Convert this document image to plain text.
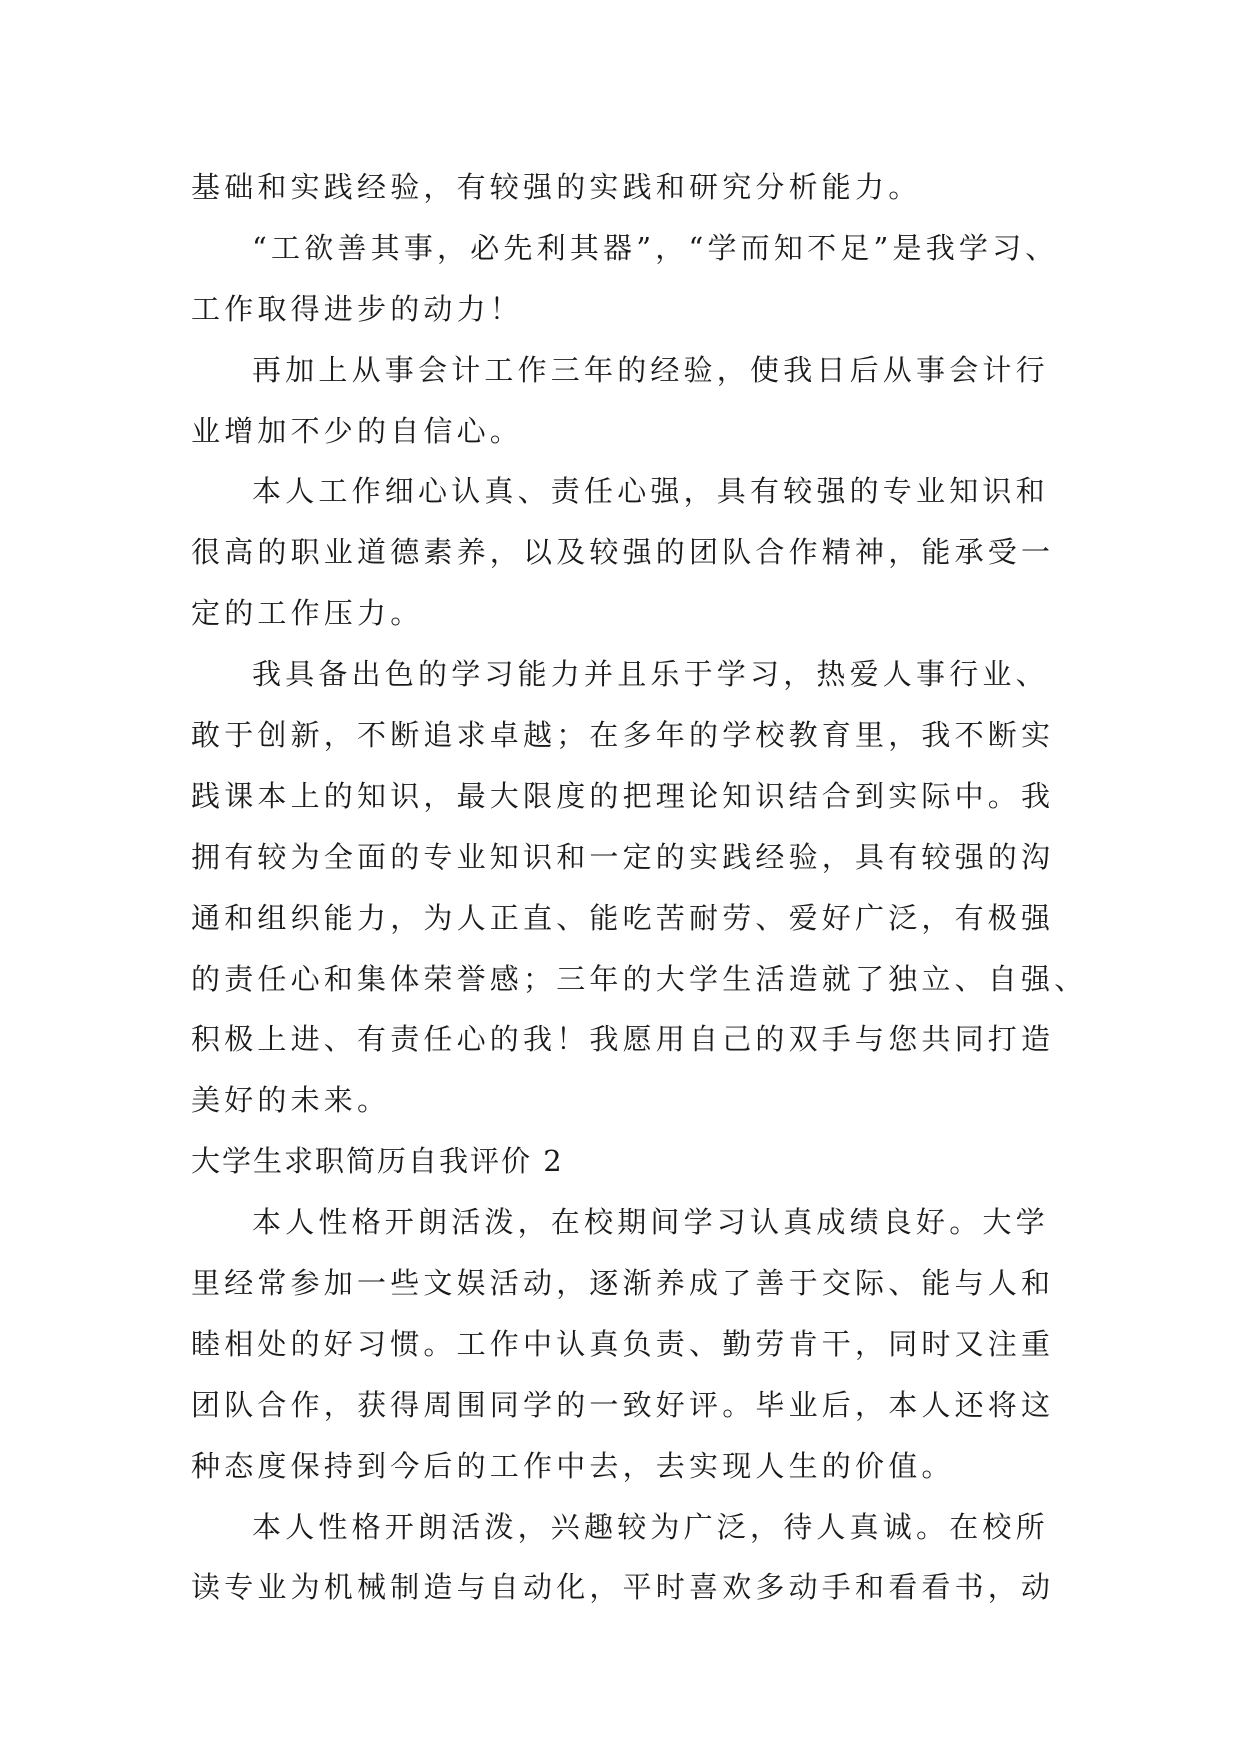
基础和实践经验，有较强的实践和研究分析能力。
“工欲善其事，必先利其器”，“学而知不足”是我学习、
工作取得进步的动力！
再加上从事会计工作三年的经验，使我日后从事会计行
业增加不少的自信心。
本人工作细心认真、责任心强，具有较强的专业知识和
很高的职业道德素养，以及较强的团队合作精神，能承受一
定的工作压力。
我具备出色的学习能力并且乐于学习，热爱人事行业、
敢于创新，不断追求卓越；在多年的学校教育里，我不断实
践课本上的知识，最大限度的把理论知识结合到实际中。我
拥有较为全面的专业知识和一定的实践经验，具有较强的沟
通和组织能力，为人正直、能吃苦耐劳、爱好广泛，有极强
的责任心和集体荣誉感；三年的大学生活造就了独立、自强、
积极上进、有责任心的我！我愿用自己的双手与您共同打造
美好的未来。
大学生求职简历自我评价 2
本人性格开朗活泼，在校期间学习认真成绩良好。大学
里经常参加一些文娱活动，逐渐养成了善于交际、能与人和
睦相处的好习惯。工作中认真负责、勤劳肯干，同时又注重
团队合作，获得周围同学的一致好评。毕业后，本人还将这
种态度保持到今后的工作中去，去实现人生的价值。
本人性格开朗活泼，兴趣较为广泛，待人真诚。在校所
读专业为机械制造与自动化，平时喜欢多动手和看看书，动
